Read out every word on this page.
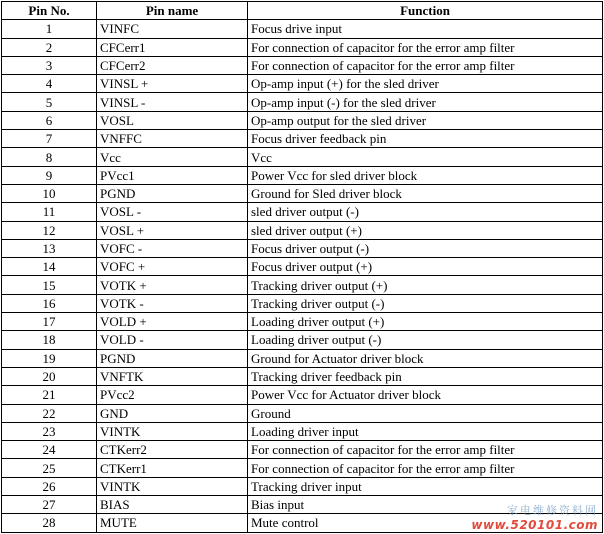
Pin No.	Pin name	Function
1	VINFC	Focus drive input
2	CFCerr1	For connection of capacitor for the error amp filter
3	CFCerr2	For connection of capacitor for the error amp filter
4	VINSL +	Op-amp input (+) for the sled driver
5	VINSL -	Op-amp input (-) for the sled driver
6	VOSL	Op-amp output for the sled driver
7	VNFFC	Focus driver feedback pin
8	Vcc	Vcc
9	PVcc1	Power Vcc for sled driver block
10	PGND	Ground for Sled driver block
11	VOSL -	sled driver output (-)
12	VOSL +	sled driver output (+)
13	VOFC -	Focus driver output (-)
14	VOFC +	Focus driver output (+)
15	VOTK +	Tracking driver output (+)
16	VOTK -	Tracking driver output (-)
17	VOLD +	Loading driver output (+)
18	VOLD -	Loading driver output (-)
19	PGND	Ground for Actuator driver block
20	VNFTK	Tracking driver feedback pin
21	PVcc2	Power Vcc for Actuator driver block
22	GND	Ground
23	VINTK	Loading driver input
24	CTKerr2	For connection of capacitor for the error amp filter
25	CTKerr1	For connection of capacitor for the error amp filter
26	VINTK	Tracking driver input
27	BIAS	Bias input
28	MUTE	Mute control
家电维修资料网
www.520101.com
